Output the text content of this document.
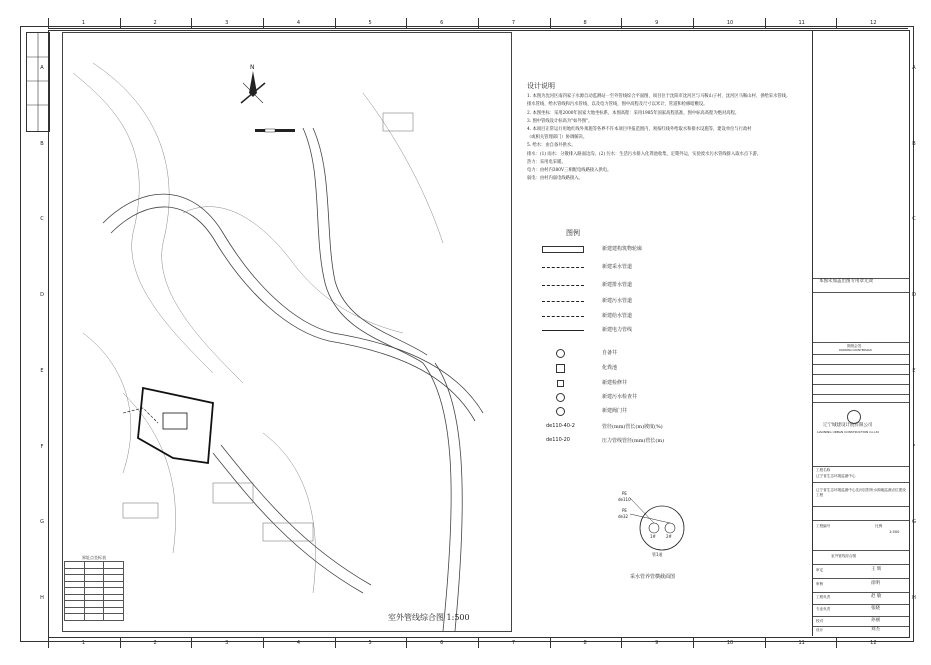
1	2	3	4	5	6	7	8	9	10	11	12
1	2	3	4	5	6	7	8	9	10	11	12
N
界址点坐标表

室外管线综合图 1:500
设计说明
1. 本图为沈河区南四家子水源自动监测站一至外管线综合平面图，项目位于沈阳市沈河区与马鞍山子村、沈河区马鞍山村、供给采水管线。
排水管线、给水管线和污水管线、以及电力管线，图中高程及尺寸以米计，管道和检修暗敷设。
2. 本图坐标：采用2000年国家大地坐标系，本图高程：采用1985年国家高程基准，图中标高高程为绝对高程。
3. 图中管线设计标高为"如外图"。
4. 本项目正常运行用地红线外须施等各界不许本项目申报范围内，须按红线外给取水和排水设施等，建设单位与行政村
（或相关管理部门）协调解决。
5. 给水：由自备井供水。
排水：(1) 雨水：分散排入路面边沟。(2) 污水：生活污水排入化粪池收集，定期外运，实验废水污水管线排入取水点下游。
热力：采用电采暖。
电力：由村内380V三相配电线路接入供电。
弱电：由村内弱电线路接入。
图例
新建建构筑物轮廓
新建采水管道
新建排水管道
新建污水管道
新建给水管道
新建电力管线
自备井
化粪池
新建检修井
新建污水检查井
新建阀门井
de110-40-2	管径(mm)管长(m)坡度(%)
de110-20	压力管线管径(mm)管长(m)
PE
de110
PE
de32
1#	2#
管1道
采水管养管横截面图
本图未加盖出图专用章无效
图纸会签
DRAWING COUNTERSIGN
辽宁城建设计院有限公司
LIAONING URBAN CONSTRUCTION Co.Ltd
工程名称
辽宁省生态环境监测中心
辽宁省生态环境监测中心沈河区阳所水源地监测点位建设工程
工程编号	比例
1:500
室外管线综合图
审定	王 辉
审核	徐明
工程负责	赵 敏
专业负责	张晓
校对	孙丽
设计	刘杰
A	A
B	B
C	C
D	D
E	E
F	F
G	G
H	H
